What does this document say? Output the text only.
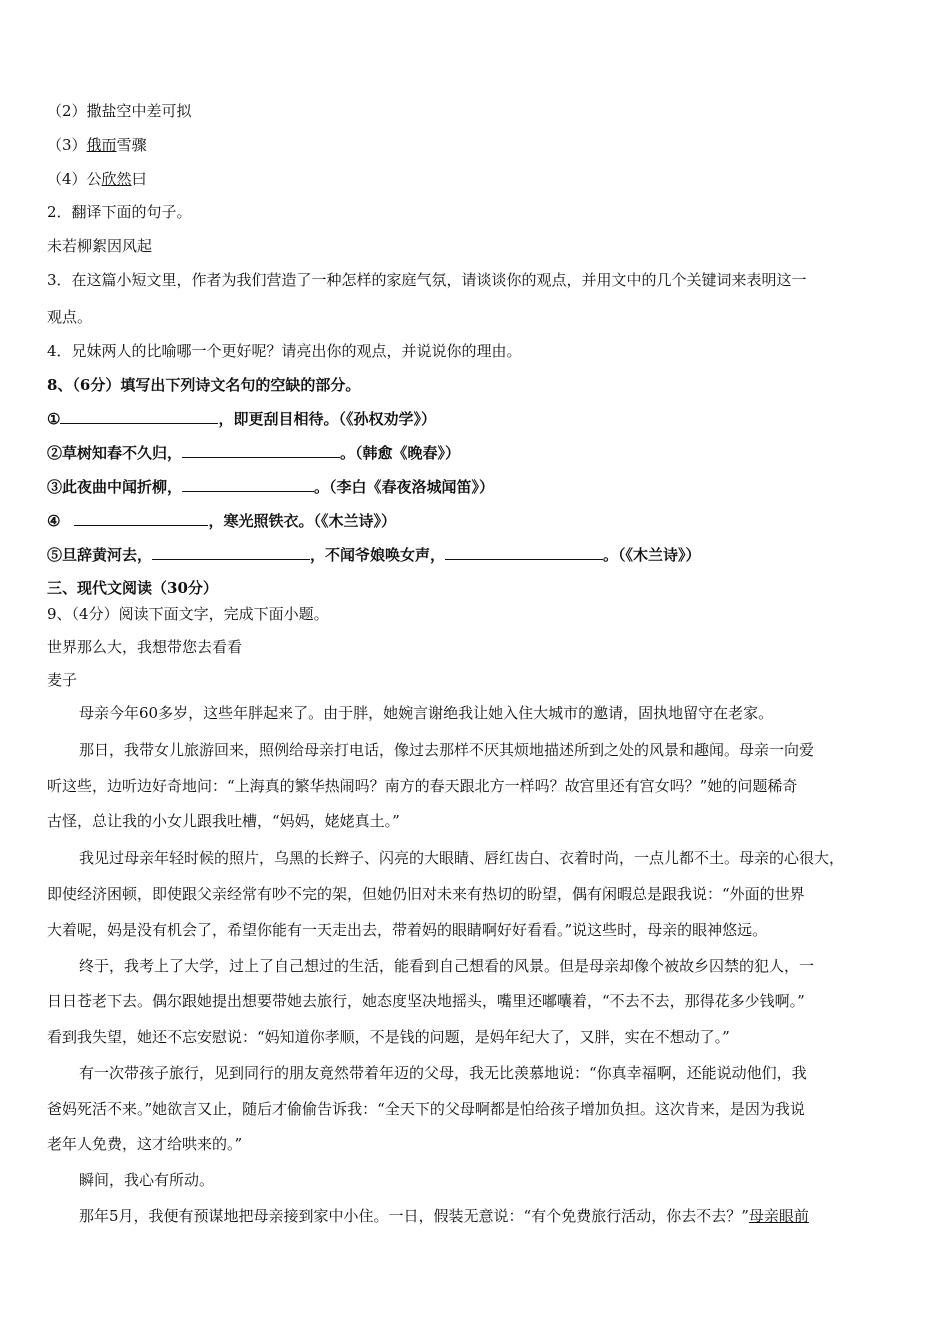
（2）撒盐空中差可拟
（3）俄而雪骤
（4）公欣然曰
2．翻译下面的句子。
未若柳絮因风起
3．在这篇小短文里，作者为我们营造了一种怎样的家庭气氛，请谈谈你的观点，并用文中的几个关键词来表明这一
观点。
4．兄妹两人的比喻哪一个更好呢？请亮出你的观点，并说说你的理由。
8、（6分）填写出下列诗文名句的空缺的部分。
①	，即更刮目相待。（《孙权劝学》）
②草树知春不久归，	。（韩愈《晚春》）
③此夜曲中闻折柳，	。（李白《春夜洛城闻笛》）
④	，寒光照铁衣。（《木兰诗》）
⑤旦辞黄河去，	，不闻爷娘唤女声，	。（《木兰诗》）
三、现代文阅读（30分）
9、（4分）阅读下面文字，完成下面小题。
世界那么大，我想带您去看看
麦子
母亲今年60多岁，这些年胖起来了。由于胖，她婉言谢绝我让她入住大城市的邀请，固执地留守在老家。
那日，我带女儿旅游回来，照例给母亲打电话，像过去那样不厌其烦地描述所到之处的风景和趣闻。母亲一向爱
听这些，边听边好奇地问：“上海真的繁华热闹吗？南方的春天跟北方一样吗？故宫里还有宫女吗？”她的问题稀奇
古怪，总让我的小女儿跟我吐槽，“妈妈，姥姥真土。”
我见过母亲年轻时候的照片，乌黑的长辫子、闪亮的大眼睛、唇红齿白、衣着时尚，一点儿都不土。母亲的心很大，
即使经济困顿，即使跟父亲经常有吵不完的架，但她仍旧对未来有热切的盼望，偶有闲暇总是跟我说：“外面的世界
大着呢，妈是没有机会了，希望你能有一天走出去，带着妈的眼睛啊好好看看。”说这些时，母亲的眼神悠远。
终于，我考上了大学，过上了自己想过的生活，能看到自己想看的风景。但是母亲却像个被故乡囚禁的犯人，一
日日苍老下去。偶尔跟她提出想要带她去旅行，她态度坚决地摇头，嘴里还嘟囔着，“不去不去，那得花多少钱啊。”
看到我失望，她还不忘安慰说：“妈知道你孝顺，不是钱的问题，是妈年纪大了，又胖，实在不想动了。”
有一次带孩子旅行，见到同行的朋友竟然带着年迈的父母，我无比羡慕地说：“你真幸福啊，还能说动他们，我
爸妈死活不来。”她欲言又止，随后才偷偷告诉我：“全天下的父母啊都是怕给孩子增加负担。这次肯来，是因为我说
老年人免费，这才给哄来的。”
瞬间，我心有所动。
那年5月，我便有预谋地把母亲接到家中小住。一日，假装无意说：“有个免费旅行活动，你去不去？”母亲眼前
